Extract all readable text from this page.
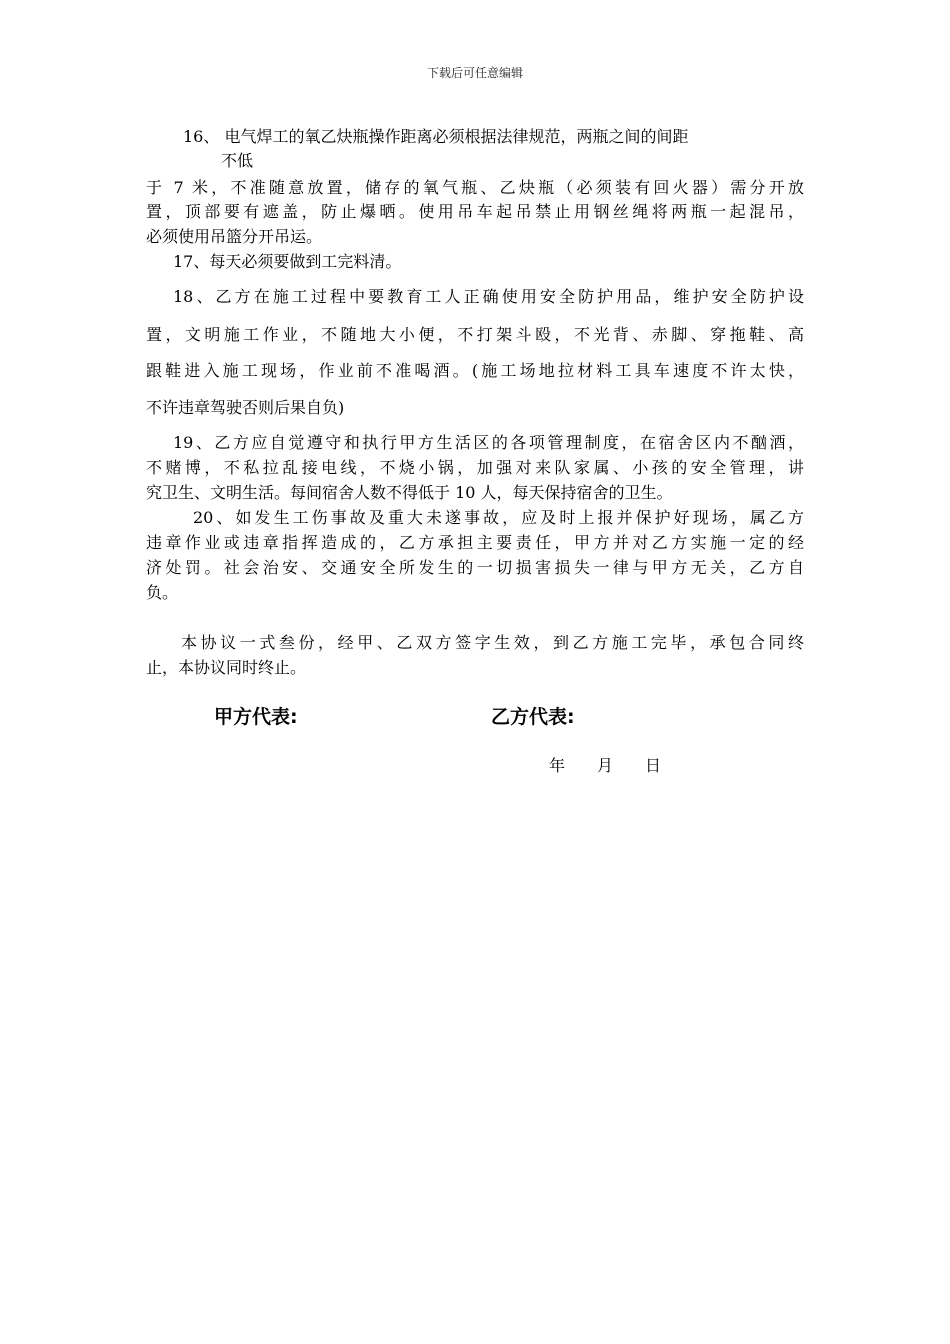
下载后可任意编辑
16、 电气焊工的氧乙炔瓶操作距离必须根据法律规范，两瓶之间的间距
不低
于 7 米，不准随意放置，储存的氧气瓶、乙炔瓶（必须装有回火器）需分开放
置，顶部要有遮盖，防止爆晒。使用吊车起吊禁止用钢丝绳将两瓶一起混吊，
必须使用吊篮分开吊运。
17、每天必须要做到工完料清。
18、乙方在施工过程中要教育工人正确使用安全防护用品，维护安全防护设
置，文明施工作业，不随地大小便，不打架斗殴，不光背、赤脚、穿拖鞋、高
跟鞋进入施工现场，作业前不准喝酒。(施工场地拉材料工具车速度不许太快，
不许违章驾驶否则后果自负)
19、乙方应自觉遵守和执行甲方生活区的各项管理制度，在宿舍区内不酗酒，
不赌博，不私拉乱接电线，不烧小锅，加强对来队家属、小孩的安全管理，讲
究卫生、文明生活。每间宿舍人数不得低于 10 人，每天保持宿舍的卫生。
20、如发生工伤事故及重大未遂事故，应及时上报并保护好现场，属乙方
违章作业或违章指挥造成的，乙方承担主要责任，甲方并对乙方实施一定的经
济处罚。社会治安、交通安全所发生的一切损害损失一律与甲方无关，乙方自
负。
本协议一式叁份，经甲、乙双方签字生效，到乙方施工完毕，承包合同终
止，本协议同时终止。
甲方代表:	乙方代表:
年 月 日
